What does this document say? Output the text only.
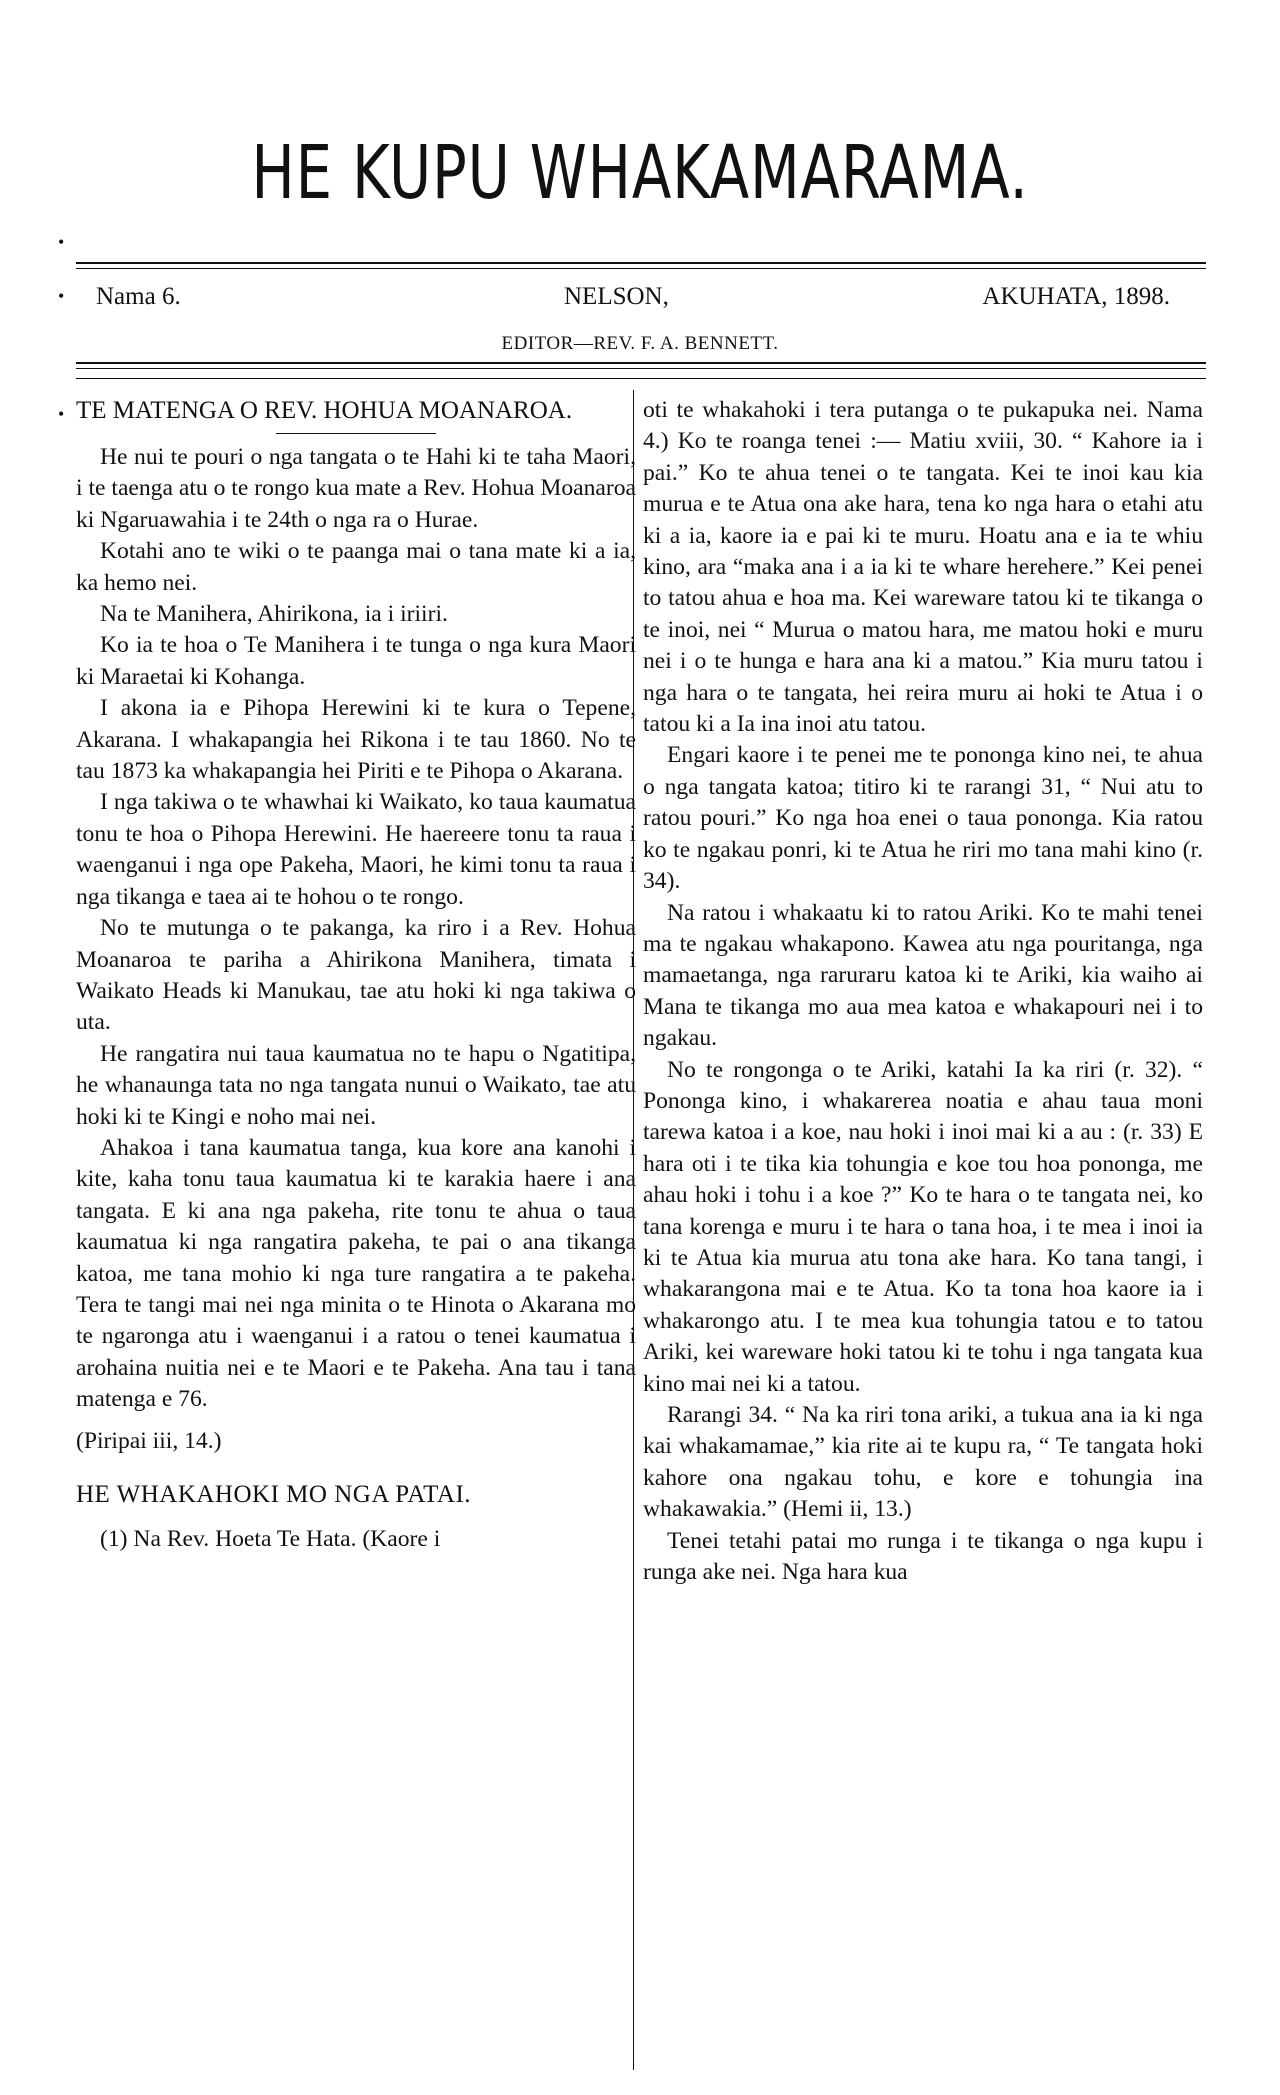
HE KUPU WHAKAMARAMA.
•
•
•
Nama 6.	NELSON,	AKUHATA, 1898.
EDITOR—REV. F. A. BENNETT.

TE MATENGA O REV. HOHUA MOANAROA.

He nui te pouri o nga tangata o te Hahi ki te taha Maori, i te taenga atu o te rongo kua mate a Rev. Hohua Moanaroa ki Ngaruawahia i te 24th o nga ra o Hurae.

Kotahi ano te wiki o te paanga mai o tana mate ki a ia, ka hemo nei.

Na te Manihera, Ahirikona, ia i iriiri.

Ko ia te hoa o Te Manihera i te tunga o nga kura Maori ki Maraetai ki Kohanga.

I akona ia e Pihopa Herewini ki te kura o Tepene, Akarana. I whakapangia hei Rikona i te tau 1860. No te tau 1873 ka whakapangia hei Piriti e te Pihopa o Akarana.

I nga takiwa o te whawhai ki Waikato, ko taua kaumatua tonu te hoa o Pihopa Herewini. He haereere tonu ta raua i waenganui i nga ope Pakeha, Maori, he kimi tonu ta raua i nga tikanga e taea ai te hohou o te rongo.

No te mutunga o te pakanga, ka riro i a Rev. Hohua Moanaroa te pariha a Ahirikona Manihera, timata i Waikato Heads ki Manukau, tae atu hoki ki nga takiwa o uta.

He rangatira nui taua kaumatua no te hapu o Ngatitipa, he whanaunga tata no nga tangata nunui o Waikato, tae atu hoki ki te Kingi e noho mai nei.

Ahakoa i tana kaumatua tanga, kua kore ana kanohi i kite, kaha tonu taua kaumatua ki te karakia haere i ana tangata. E ki ana nga pakeha, rite tonu te ahua o taua kaumatua ki nga rangatira pakeha, te pai o ana tikanga katoa, me tana mohio ki nga ture rangatira a te pakeha. Tera te tangi mai nei nga minita o te Hinota o Akarana mo te ngaronga atu i waenganui i a ratou o tenei kaumatua i arohaina nuitia nei e te Maori e te Pakeha. Ana tau i tana matenga e 76.

(Piripai iii, 14.)

HE WHAKAHOKI MO NGA PATAI.

(1) Na Rev. Hoeta Te Hata. (Kaore i

oti te whakahoki i tera putanga o te pukapuka nei. Nama 4.) Ko te roanga tenei :— Matiu xviii, 30. “ Kahore ia i pai.” Ko te ahua tenei o te tangata. Kei te inoi kau kia murua e te Atua ona ake hara, tena ko nga hara o etahi atu ki a ia, kaore ia e pai ki te muru. Hoatu ana e ia te whiu kino, ara “maka ana i a ia ki te whare herehere.” Kei penei to tatou ahua e hoa ma. Kei wareware tatou ki te tikanga o te inoi, nei “ Murua o matou hara, me matou hoki e muru nei i o te hunga e hara ana ki a matou.” Kia muru tatou i nga hara o te tangata, hei reira muru ai hoki te Atua i o tatou ki a Ia ina inoi atu tatou.

Engari kaore i te penei me te pononga kino nei, te ahua o nga tangata katoa; titiro ki te rarangi 31, “ Nui atu to ratou pouri.” Ko nga hoa enei o taua pononga. Kia ratou ko te ngakau ponri, ki te Atua he riri mo tana mahi kino (r. 34).

Na ratou i whakaatu ki to ratou Ariki. Ko te mahi tenei ma te ngakau whakapono. Kawea atu nga pouritanga, nga mamaetanga, nga raruraru katoa ki te Ariki, kia waiho ai Mana te tikanga mo aua mea katoa e whakapouri nei i to ngakau.

No te rongonga o te Ariki, katahi Ia ka riri (r. 32). “ Pononga kino, i whakarerea noatia e ahau taua moni tarewa katoa i a koe, nau hoki i inoi mai ki a au : (r. 33) E hara oti i te tika kia tohungia e koe tou hoa pononga, me ahau hoki i tohu i a koe ?” Ko te hara o te tangata nei, ko tana korenga e muru i te hara o tana hoa, i te mea i inoi ia ki te Atua kia murua atu tona ake hara. Ko tana tangi, i whakarangona mai e te Atua. Ko ta tona hoa kaore ia i whakarongo atu. I te mea kua tohungia tatou e to tatou Ariki, kei wareware hoki tatou ki te tohu i nga tangata kua kino mai nei ki a tatou.

Rarangi 34. “ Na ka riri tona ariki, a tukua ana ia ki nga kai whakamamae,” kia rite ai te kupu ra, “ Te tangata hoki kahore ona ngakau tohu, e kore e tohungia ina whakawakia.” (Hemi ii, 13.)

Tenei tetahi patai mo runga i te tikanga o nga kupu i runga ake nei. Nga hara kua
